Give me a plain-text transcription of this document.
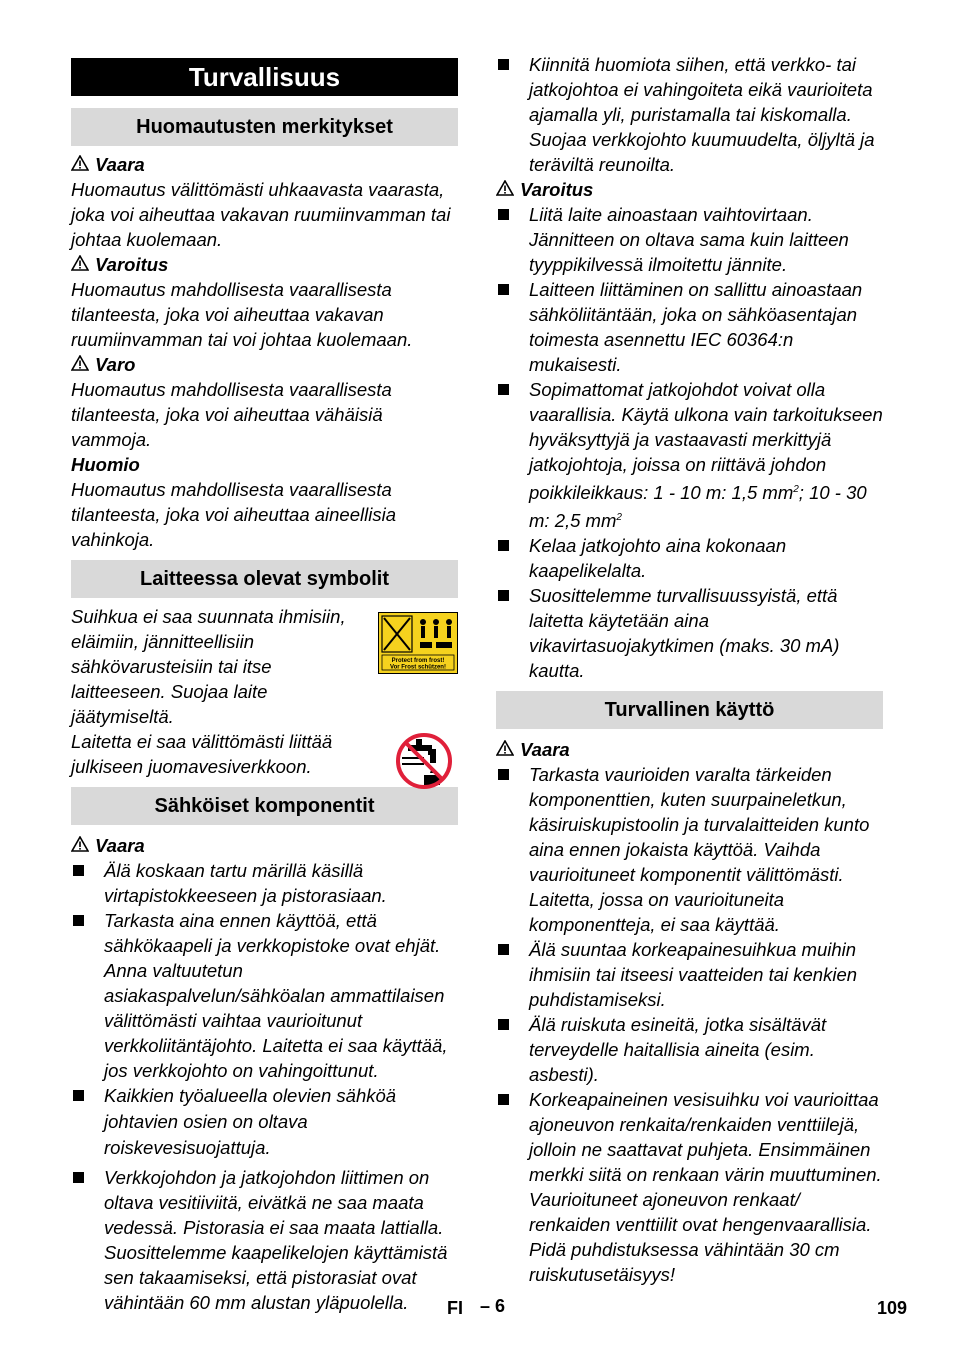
Turvallisuus
Huomautusten merkitykset
Vaara

Huomautus välittömästi uhkaavasta vaarasta, joka voi aiheuttaa vakavan ruumiinvamman tai johtaa kuolemaan.

Varoitus

Huomautus mahdollisesta vaarallisesta tilanteesta, joka voi aiheuttaa vakavan ruumiinvamman tai voi johtaa kuolemaan.

Varo

Huomautus mahdollisesta vaarallisesta tilanteesta, joka voi aiheuttaa vähäisiä vammoja.

Huomio

Huomautus mahdollisesta vaarallisesta tilanteesta, joka voi aiheuttaa aineellisia vahinkoja.

Laitteessa olevat symbolit

Suihkua ei saa suunnata ihmisiin, eläimiin, jännitteellisiin sähkövarusteisiin tai itse laitteeseen. Suojaa laite jäätymiseltä.

Protect from frost!
Vor Frost schützen!

Laitetta ei saa välittömästi liittää julkiseen juomavesiverkkoon.

Sähköiset komponentit
Vaara
Älä koskaan tartu märillä käsillä virtapistokkeeseen ja pistorasiaan.
Tarkasta aina ennen käyttöä, että sähkökaapeli ja verkkopistoke ovat ehjät. Anna valtuutetun asiakaspalvelun/sähköalan ammattilaisen välittömästi vaihtaa vaurioitunut verkkoliitäntäjohto. Laitetta ei saa käyttää, jos verkkojohto on vahingoittunut.
Kaikkien työalueella olevien sähköä johtavien osien on oltava roiskevesisuojattuja.
Verkkojohdon ja jatkojohdon liittimen on oltava vesitiiviitä, eivätkä ne saa maata vedessä. Pistorasia ei saa maata lattialla. Suosittelemme kaapelikelojen käyttämistä sen takaamiseksi, että pistorasiat ovat vähintään 60 mm alustan yläpuolella.
Kiinnitä huomiota siihen, että verkko- tai jatkojohtoa ei vahingoiteta eikä vaurioiteta ajamalla yli, puristamalla tai kiskomalla. Suojaa verkkojohto kuumuudelta, öljyltä ja teräviltä reunoilta.
Varoitus
Liitä laite ainoastaan vaihtovirtaan. Jännitteen on oltava sama kuin laitteen tyyppikilvessä ilmoitettu jännite.
Laitteen liittäminen on sallittu ainoastaan sähköliitäntään, joka on sähköasentajan toimesta asennettu IEC 60364:n mukaisesti.
Sopimattomat jatkojohdot voivat olla vaarallisia. Käytä ulkona vain tarkoitukseen hyväksyttyjä ja vastaavasti merkittyjä jatkojohtoja, joissa on riittävä johdon poikkileikkaus: 1 - 10 m: 1,5 $mm^2$; 10 - 30 m: 2,5 $mm^2$
Kelaa jatkojohto aina kokonaan kaapelikelalta.
Suosittelemme turvallisuussyistä, että laitetta käytetään aina vikavirtasuojakytkimen (maks. 30 mA) kautta.
Turvallinen käyttö
Vaara
Tarkasta vaurioiden varalta tärkeiden komponenttien, kuten suurpaineletkun, käsiruiskupistoolin ja turvalaitteiden kunto aina ennen jokaista käyttöä. Vaihda vaurioituneet komponentit välittömästi. Laitetta, jossa on vaurioituneita komponentteja, ei saa käyttää.
Älä suuntaa korkeapainesuihkua muihin ihmisiin tai itseesi vaatteiden tai kenkien puhdistamiseksi.
Älä ruiskuta esineitä, jotka sisältävät terveydelle haitallisia aineita (esim. asbesti).
Korkeapaineinen vesisuihku voi vaurioittaa ajoneuvon renkaita/renkaiden venttiilejä, jolloin ne saattavat puhjeta. Ensimmäinen merkki siitä on renkaan värin muuttuminen. Vaurioituneet ajoneuvon renkaat/ renkaiden venttiilit ovat hengenvaarallisia. Pidä puhdistuksessa vähintään 30 cm ruiskutusetäisyys!
FI – 6	109
